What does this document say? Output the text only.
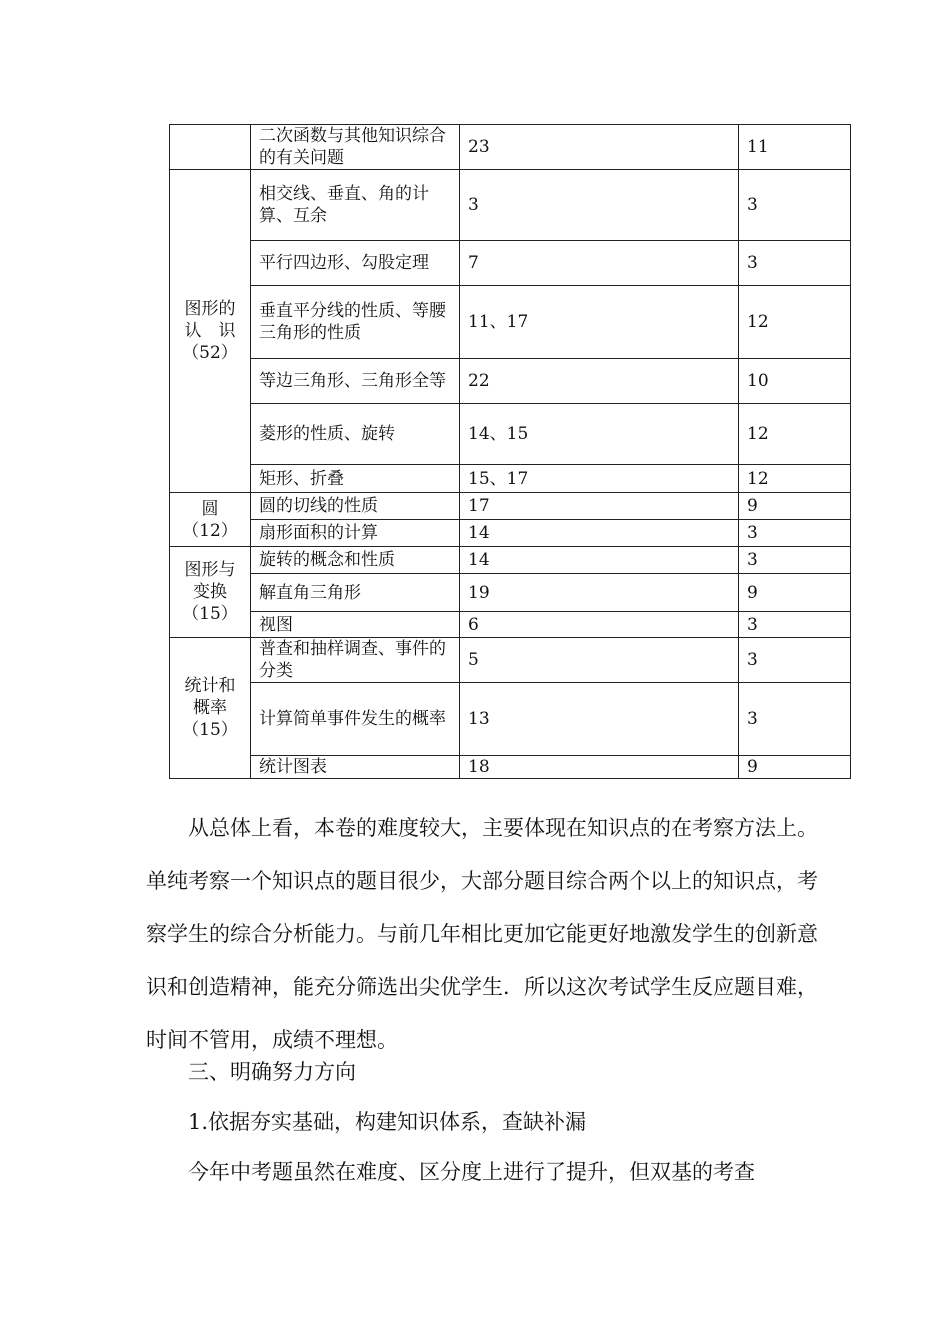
	二次函数与其他知识综合的有关问题	23	11
图形的认　识（52）	相交线、垂直、角的计算、互余	3	3
	平行四边形、勾股定理	7	3
	垂直平分线的性质、等腰三角形的性质	11、17	12
	等边三角形、三角形全等	22	10
	菱形的性质、旋转	14、15	12
	矩形、折叠	15、17	12
圆（12）	圆的切线的性质	17	9
	扇形面积的计算	14	3
图形与变换（15）	旋转的概念和性质	14	3
	解直角三角形	19	9
	视图	6	3
统计和概率（15）	普查和抽样调查、事件的分类	5	3
	计算简单事件发生的概率	13	3
	统计图表	18	9

从总体上看，本卷的难度较大，主要体现在知识点的在考察方法上。单纯考察一个知识点的题目很少，大部分题目综合两个以上的知识点，考察学生的综合分析能力。与前几年相比更加它能更好地激发学生的创新意识和创造精神，能充分筛选出尖优学生．所以这次考试学生反应题目难，时间不管用，成绩不理想。

三、明确努力方向

1.依据夯实基础，构建知识体系，查缺补漏

今年中考题虽然在难度、区分度上进行了提升，但双基的考查
